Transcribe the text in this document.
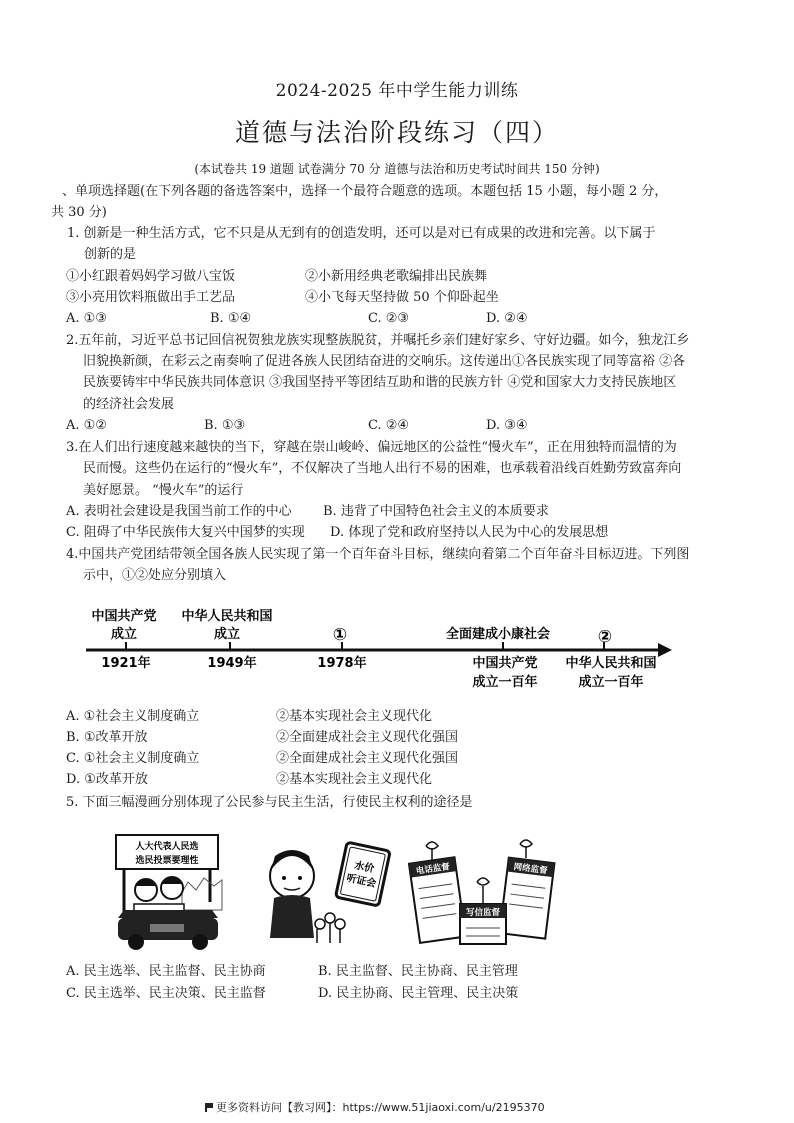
2024-2025 年中学生能力训练
道德与法治阶段练习（四）
(本试卷共 19 道题 试卷满分 70 分 道德与法治和历史考试时间共 150 分钟)
、单项选择题(在下列各题的备选答案中，选择一个最符合题意的选项。本题包括 15 小题，每小题 2 分，
共 30 分)
1. 创新是一种生活方式，它不只是从无到有的创造发明，还可以是对已有成果的改进和完善。以下属于
创新的是
①小红跟着妈妈学习做八宝饭	②小新用经典老歌编排出民族舞
③小亮用饮料瓶做出手工艺品	④小飞每天坚持做 50 个仰卧起坐
A. ①③	B. ①④	C. ②③	D. ②④
2.五年前，习近平总书记回信祝贺独龙族实现整族脱贫，并嘱托乡亲们建好家乡、守好边疆。如今，独龙江乡
旧貌换新颜，在彩云之南奏响了促进各族人民团结奋进的交响乐。这传递出①各民族实现了同等富裕 ②各
民族要铸牢中华民族共同体意识 ③我国坚持平等团结互助和谐的民族方针 ④党和国家大力支持民族地区
的经济社会发展
A. ①②	B. ①③	C. ②④	D. ③④
3.在人们出行速度越来越快的当下，穿越在崇山峻岭、偏远地区的公益性“慢火车”，正在用独特而温情的为
民而慢。这些仍在运行的“慢火车”，不仅解决了当地人出行不易的困难，也承载着沿线百姓勤劳致富奔向
美好愿景。 “慢火车”的运行
A. 表明社会建设是我国当前工作的中心 B. 违背了中国特色社会主义的本质要求
C. 阻碍了中华民族伟大复兴中国梦的实现 D. 体现了党和政府坚持以人民为中心的发展思想
4.中国共产党团结带领全国各族人民实现了第一个百年奋斗目标，继续向着第二个百年奋斗目标迈进。下列图
示中，①②处应分别填入
中国共产党
成立
中华人民共和国
成立	①	全面建成小康社会	②
1921年	1949年	1978年	中国共产党
成立一百年
中华人民共和国
成立一百年
A. ①社会主义制度确立	②基本实现社会主义现代化
B. ①改革开放	②全面建成社会主义现代化强国
C. ①社会主义制度确立	②全面建成社会主义现代化强国
D. ①改革开放	②基本实现社会主义现代化
5. 下面三幅漫画分别体现了公民参与民主生活，行使民主权利的途径是
人大代表人民选
选民投票要理性	水价
听证会
电话监督	网络监督
写信监督
A. 民主选举、民主监督、民主协商	B. 民主监督、民主协商、民主管理
C. 民主选举、民主决策、民主监督	D. 民主协商、民主管理、民主决策
更多资料访问【教习网】：https://www.51jiaoxi.com/u/2195370
